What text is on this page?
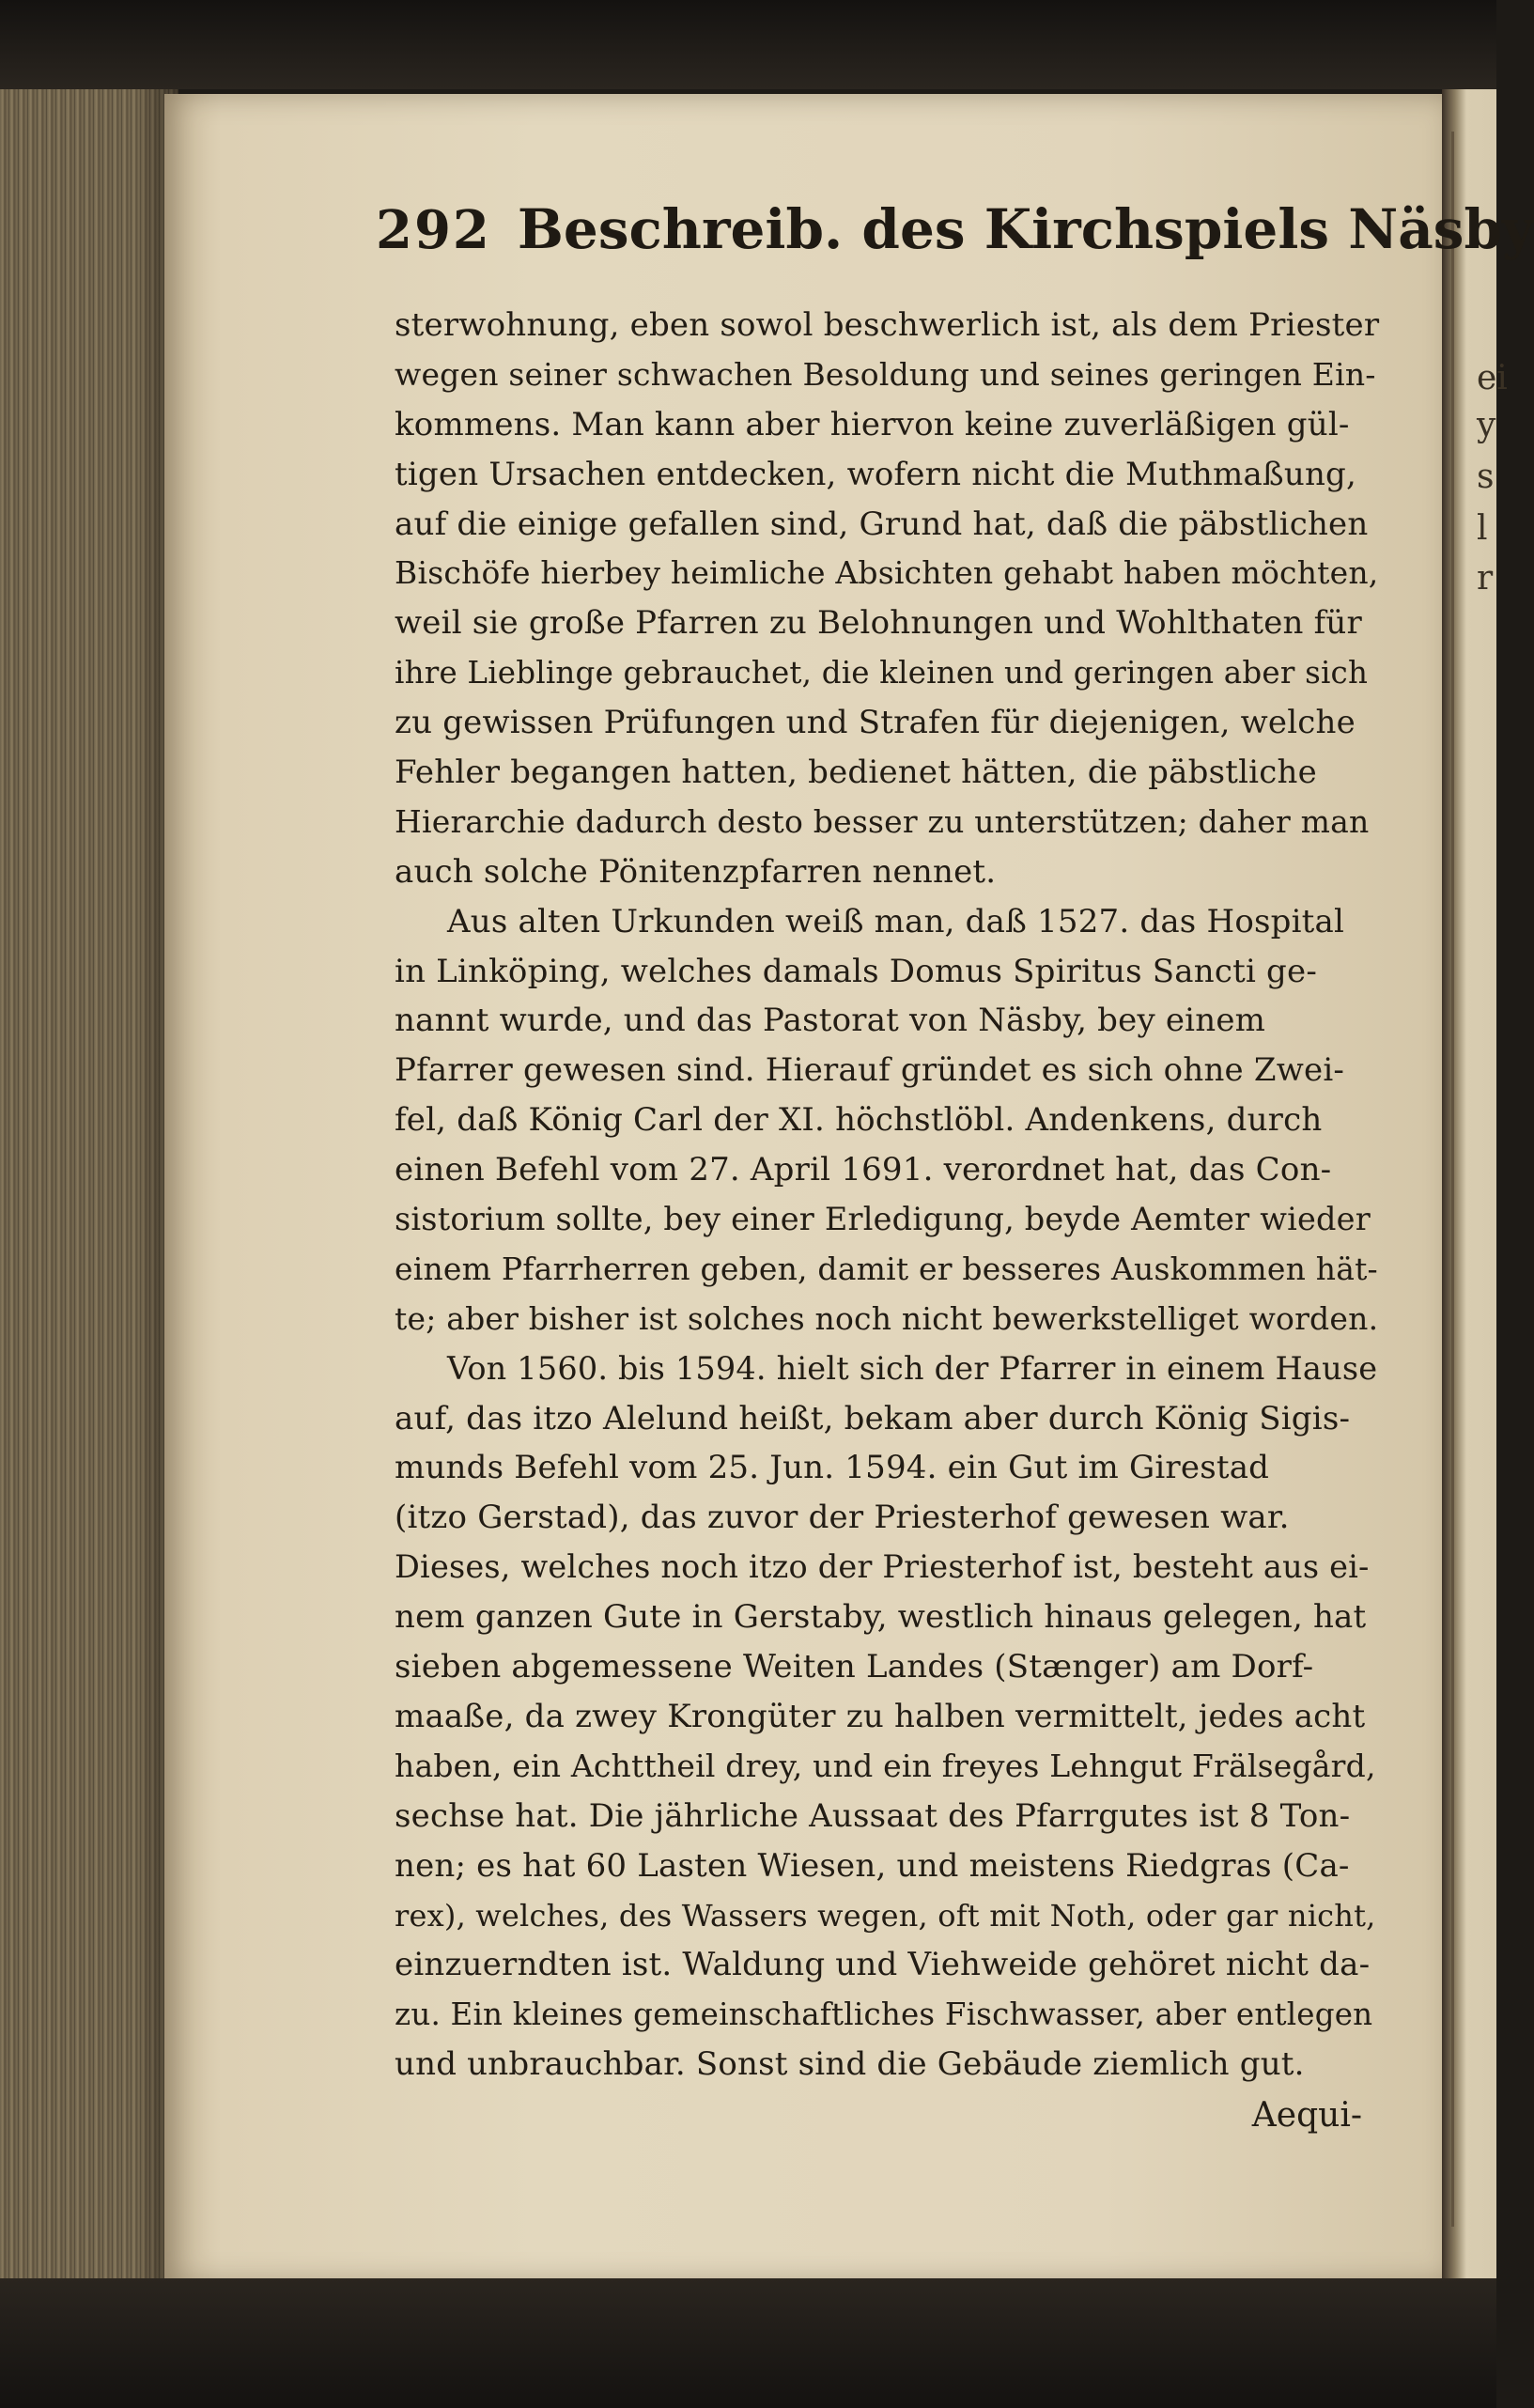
ei
y
s
l
r
292 Beschreib. des Kirchspiels Näsby
sterwohnung, eben sowol beschwerlich ist, als dem Priester
wegen seiner schwachen Besoldung und seines geringen Ein-
kommens. Man kann aber hiervon keine zuverläßigen gül-
tigen Ursachen entdecken, wofern nicht die Muthmaßung,
auf die einige gefallen sind, Grund hat, daß die päbstlichen
Bischöfe hierbey heimliche Absichten gehabt haben möchten,
weil sie große Pfarren zu Belohnungen und Wohlthaten für
ihre Lieblinge gebrauchet, die kleinen und geringen aber sich
zu gewissen Prüfungen und Strafen für diejenigen, welche
Fehler begangen hatten, bedienet hätten, die päbstliche
Hierarchie dadurch desto besser zu unterstützen; daher man
auch solche Pönitenzpfarren nennet.
Aus alten Urkunden weiß man, daß 1527. das Hospital
in Linköping, welches damals Domus Spiritus Sancti ge-
nannt wurde, und das Pastorat von Näsby, bey einem
Pfarrer gewesen sind. Hierauf gründet es sich ohne Zwei-
fel, daß König Carl der XI. höchstlöbl. Andenkens, durch
einen Befehl vom 27. April 1691. verordnet hat, das Con-
sistorium sollte, bey einer Erledigung, beyde Aemter wieder
einem Pfarrherren geben, damit er besseres Auskommen hät-
te; aber bisher ist solches noch nicht bewerkstelliget worden.
Von 1560. bis 1594. hielt sich der Pfarrer in einem Hause
auf, das itzo Alelund heißt, bekam aber durch König Sigis-
munds Befehl vom 25. Jun. 1594. ein Gut im Girestad
(itzo Gerstad), das zuvor der Priesterhof gewesen war.
Dieses, welches noch itzo der Priesterhof ist, besteht aus ei-
nem ganzen Gute in Gerstaby, westlich hinaus gelegen, hat
sieben abgemessene Weiten Landes (Stænger) am Dorf-
maaße, da zwey Krongüter zu halben vermittelt, jedes acht
haben, ein Achttheil drey, und ein freyes Lehngut Frälsegård,
sechse hat. Die jährliche Aussaat des Pfarrgutes ist 8 Ton-
nen; es hat 60 Lasten Wiesen, und meistens Riedgras (Ca-
rex), welches, des Wassers wegen, oft mit Noth, oder gar nicht,
einzuerndten ist. Waldung und Viehweide gehöret nicht da-
zu. Ein kleines gemeinschaftliches Fischwasser, aber entlegen
und unbrauchbar. Sonst sind die Gebäude ziemlich gut.
Aequi-
